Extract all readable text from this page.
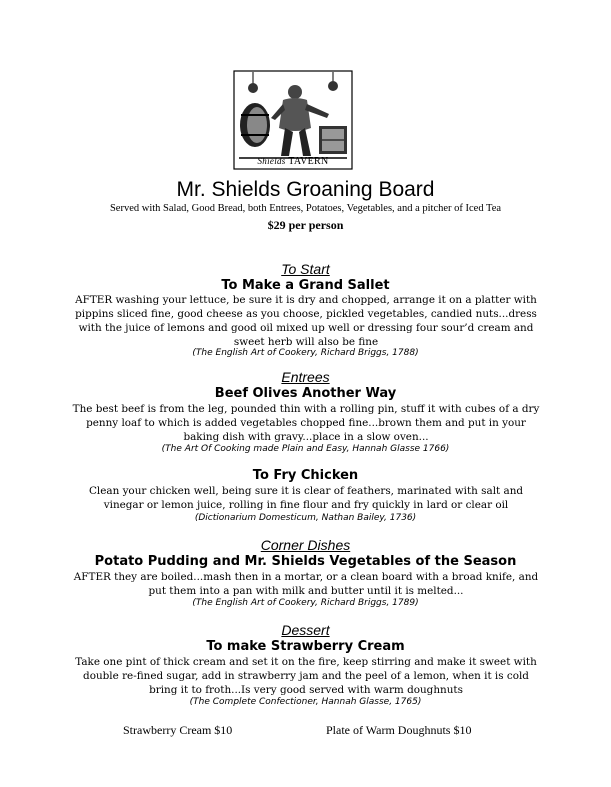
Shields TAVERN
Mr. Shields Groaning Board
Served with Salad, Good Bread, both Entrees, Potatoes, Vegetables, and a pitcher of Iced Tea
$29 per person
To Start
To Make a Grand Sallet
AFTER washing your lettuce, be sure it is dry and chopped, arrange it on a platter with
pippins sliced fine, good cheese as you choose, pickled vegetables, candied nuts...dress
with the juice of lemons and good oil mixed up well or dressing four sour’d cream and
sweet herb will also be fine
(The English Art of Cookery, Richard Briggs, 1788)
Entrees
Beef Olives Another Way
The best beef is from the leg, pounded thin with a rolling pin, stuff it with cubes of a dry
penny loaf to which is added vegetables chopped fine...brown them and put in your
baking dish with gravy...place in a slow oven...
(The Art Of Cooking made Plain and Easy, Hannah Glasse 1766)
To Fry Chicken
Clean your chicken well, being sure it is clear of feathers, marinated with salt and
vinegar or lemon juice, rolling in fine flour and fry quickly in lard or clear oil
(Dictionarium Domesticum, Nathan Bailey, 1736)
Corner Dishes
Potato Pudding and Mr. Shields Vegetables of the Season
AFTER they are boiled...mash then in a mortar, or a clean board with a broad knife, and
put them into a pan with milk and butter until it is melted...
(The English Art of Cookery, Richard Briggs, 1789)
Dessert
To make Strawberry Cream
Take one pint of thick cream and set it on the fire, keep stirring and make it sweet with
double re-fined sugar, add in strawberry jam and the peel of a lemon, when it is cold
bring it to froth...Is very good served with warm doughnuts
(The Complete Confectioner, Hannah Glasse, 1765)
Strawberry Cream $10	Plate of Warm Doughnuts $10
